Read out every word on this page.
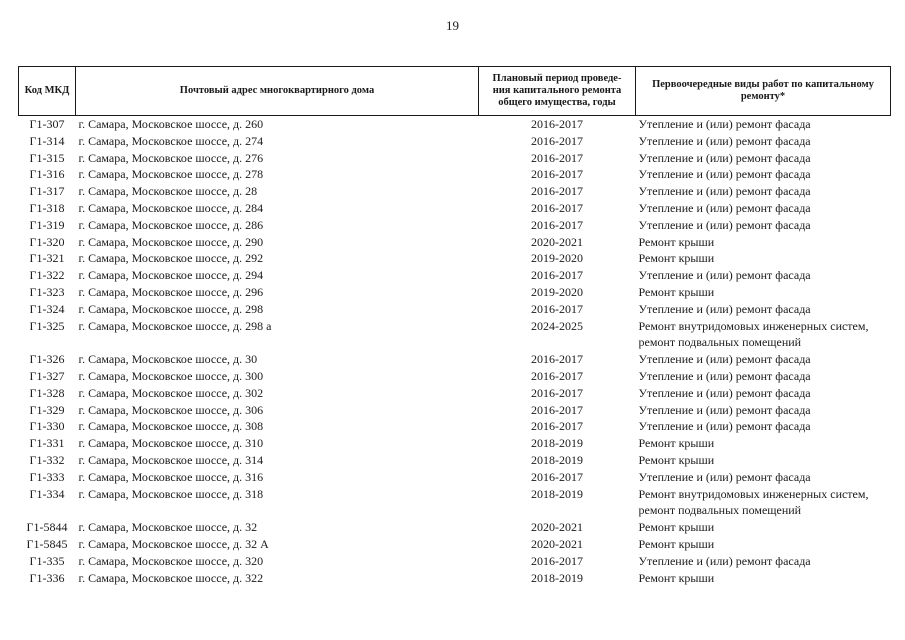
19
Код МКД	Почтовый адрес многоквартирного дома	Плановый период проведе-
ния капитального ремонта
общего имущества, годы	Первоочередные виды работ по капитальному
ремонту*

Г1-307	г. Самара, Московское шоссе, д. 260	2016-2017	Утепление и (или) ремонт фасада

Г1-314	г. Самара, Московское шоссе, д. 274	2016-2017	Утепление и (или) ремонт фасада

Г1-315	г. Самара, Московское шоссе, д. 276	2016-2017	Утепление и (или) ремонт фасада

Г1-316	г. Самара, Московское шоссе, д. 278	2016-2017	Утепление и (или) ремонт фасада

Г1-317	г. Самара, Московское шоссе, д. 28	2016-2017	Утепление и (или) ремонт фасада

Г1-318	г. Самара, Московское шоссе, д. 284	2016-2017	Утепление и (или) ремонт фасада

Г1-319	г. Самара, Московское шоссе, д. 286	2016-2017	Утепление и (или) ремонт фасада

Г1-320	г. Самара, Московское шоссе, д. 290	2020-2021	Ремонт крыши

Г1-321	г. Самара, Московское шоссе, д. 292	2019-2020	Ремонт крыши

Г1-322	г. Самара, Московское шоссе, д. 294	2016-2017	Утепление и (или) ремонт фасада

Г1-323	г. Самара, Московское шоссе, д. 296	2019-2020	Ремонт крыши

Г1-324	г. Самара, Московское шоссе, д. 298	2016-2017	Утепление и (или) ремонт фасада

Г1-325	г. Самара, Московское шоссе, д. 298 а	2024-2025	Ремонт внутридомовых инженерных систем,
ремонт подвальных помещений

Г1-326	г. Самара, Московское шоссе, д. 30	2016-2017	Утепление и (или) ремонт фасада

Г1-327	г. Самара, Московское шоссе, д. 300	2016-2017	Утепление и (или) ремонт фасада

Г1-328	г. Самара, Московское шоссе, д. 302	2016-2017	Утепление и (или) ремонт фасада

Г1-329	г. Самара, Московское шоссе, д. 306	2016-2017	Утепление и (или) ремонт фасада

Г1-330	г. Самара, Московское шоссе, д. 308	2016-2017	Утепление и (или) ремонт фасада

Г1-331	г. Самара, Московское шоссе, д. 310	2018-2019	Ремонт крыши

Г1-332	г. Самара, Московское шоссе, д. 314	2018-2019	Ремонт крыши

Г1-333	г. Самара, Московское шоссе, д. 316	2016-2017	Утепление и (или) ремонт фасада

Г1-334	г. Самара, Московское шоссе, д. 318	2018-2019	Ремонт внутридомовых инженерных систем,
ремонт подвальных помещений

Г1-5844	г. Самара, Московское шоссе, д. 32	2020-2021	Ремонт крыши

Г1-5845	г. Самара, Московское шоссе, д. 32 А	2020-2021	Ремонт крыши

Г1-335	г. Самара, Московское шоссе, д. 320	2016-2017	Утепление и (или) ремонт фасада

Г1-336	г. Самара, Московское шоссе, д. 322	2018-2019	Ремонт крыши
